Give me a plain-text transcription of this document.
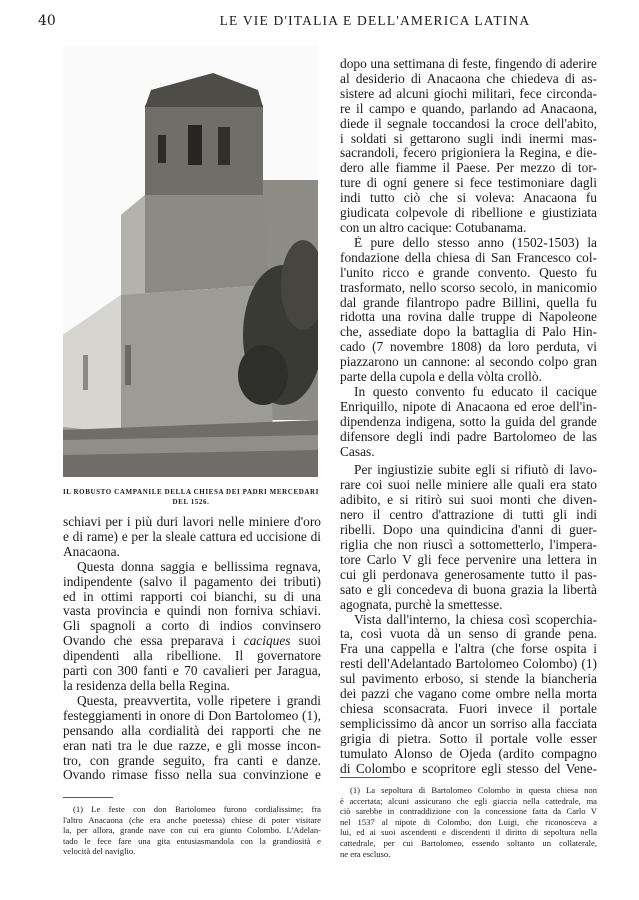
40	LE VIE D'ITALIA E DELL'AMERICA LATINA
IL ROBUSTO CAMPANILE DELLA CHIESA DEI PADRI MERCEDARI
DEL 1526.
schiavi per i più duri lavori nelle miniere d'oro
e di rame) e per la sleale cattura ed uccisione di
Anacaona.
Questa donna saggia e bellissima regnava,
indipendente (salvo il pagamento dei tributi)
ed in ottimi rapporti coi bianchi, su di una
vasta provincia e quindi non forniva schiavi.
Gli spagnoli a corto di indios convinsero
Ovando che essa preparava i caciques suoi
dipendenti alla ribellione. Il governatore
partì con 300 fanti e 70 cavalieri per Jaragua,
la residenza della bella Regina.
Questa, preavvertita, volle ripetere i grandi
festeggiamenti in onore di Don Bartolomeo (1),
pensando alla cordialità dei rapporti che ne
eran nati tra le due razze, e gli mosse incon-
tro, con grande seguito, fra canti e danze.
Ovando rimase fisso nella sua convinzione e
dopo una settimana di feste, fingendo di aderire
al desiderio di Anacaona che chiedeva di as-
sistere ad alcuni giochi militari, fece circonda-
re il campo e quando, parlando ad Anacaona,
diede il segnale toccandosi la croce dell'abito,
i soldati si gettarono sugli indi inermi mas-
sacrandoli, fecero prigioniera la Regina, e die-
dero alle fiamme il Paese. Per mezzo di tor-
ture di ogni genere si fece testimoniare dagli
indi tutto ciò che si voleva: Anacaona fu
giudicata colpevole di ribellione e giustiziata
con un altro cacique: Cotubanama.
È pure dello stesso anno (1502-1503) la
fondazione della chiesa di San Francesco col-
l'unito ricco e grande convento. Questo fu
trasformato, nello scorso secolo, in manicomio
dal grande filantropo padre Billini, quella fu
ridotta una rovina dalle truppe di Napoleone
che, assediate dopo la battaglia di Palo Hin-
cado (7 novembre 1808) da loro perduta, vi
piazzarono un cannone: al secondo colpo gran
parte della cupola e della vòlta crollò.
In questo convento fu educato il cacique
Enriquillo, nipote di Anacaona ed eroe dell'in-
dipendenza indigena, sotto la guida del grande
difensore degli indi padre Bartolomeo de las
Casas.
Per ingiustizie subite egli si rifiutò di lavo-
rare coi suoi nelle miniere alle quali era stato
adibito, e si ritirò sui suoi monti che diven-
nero il centro d'attrazione di tutti gli indi
ribelli. Dopo una quindicina d'anni di guer-
riglia che non riuscì a sottometterlo, l'impera-
tore Carlo V gli fece pervenire una lettera in
cui gli perdonava generosamente tutto il pas-
sato e gli concedeva di buona grazia la libertà
agognata, purchè la smettesse.
Vista dall'interno, la chiesa così scoperchia-
ta, così vuota dà un senso di grande pena.
Fra una cappella e l'altra (che forse ospita i
resti dell'Adelantado Bartolomeo Colombo) (1)
sul pavimento erboso, si stende la biancheria
dei pazzi che vagano come ombre nella morta
chiesa sconsacrata. Fuori invece il portale
semplicissimo dà ancor un sorriso alla facciata
grigia di pietra. Sotto il portale volle esser
tumulato Alonso de Ojeda (ardito compagno
di Colombo e scopritore egli stesso del Vene-
(1) Le feste con don Bartolomeo furono cordialissime; fra
l'altro Anacaona (che era anche poetessa) chiese di poter visitare
la, per allora, grande nave con cui era giunto Colombo. L'Adelan-
tado le fece fare una gita entusiasmandola con la grandiosità e
velocità del naviglio.
(1) La sepoltura di Bartolomeo Colombo in questa chiesa non
è accertata; alcuni assicurano che egli giaccia nella cattedrale, ma
ciò sarebbe in contraddizione con la concessione fatta da Carlo V
nel 1537 al nipote di Colombo, don Luigi, che riconosceva a
lui, ed ai suoi ascendenti e discendenti il diritto di sepoltura nella
cattedrale, per cui Bartolomeo, essendo soltanto un collaterale,
ne era escluso.
